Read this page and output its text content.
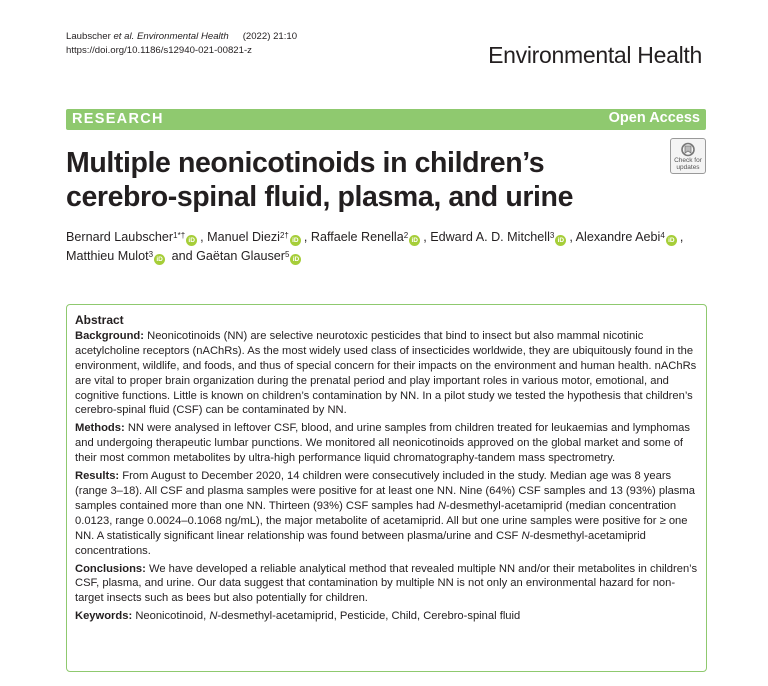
Laubscher et al. Environmental Health (2022) 21:10
https://doi.org/10.1186/s12940-021-00821-z	Environmental Health
RESEARCH	Open Access
Multiple neonicotinoids in children’s
cerebro-spinal fluid, plasma, and urine
Check for
updates
Bernard Laubscher$^{1*\dagger}$iD , Manuel Diezi$^{2\dagger}$iD , Raffaele Renella$^2$iD , Edward A. D. Mitchell$^3$iD , Alexandre Aebi$^4$iD ,
Matthieu Mulot$^3$iD and Gaëtan Glauser$^5$iD
Abstract

Background: Neonicotinoids (NN) are selective neurotoxic pesticides that bind to insect but also mammal nicotinic acetylcholine receptors (nAChRs). As the most widely used class of insecticides worldwide, they are ubiquitously found in the environment, wildlife, and foods, and thus of special concern for their impacts on the environment and human health. nAChRs are vital to proper brain organization during the prenatal period and play important roles in various motor, emotional, and cognitive functions. Little is known on children’s contamination by NN. In a pilot study we tested the hypothesis that children’s cerebro-spinal fluid (CSF) can be contaminated by NN.

Methods: NN were analysed in leftover CSF, blood, and urine samples from children treated for leukaemias and lymphomas and undergoing therapeutic lumbar punctions. We monitored all neonicotinoids approved on the global market and some of their most common metabolites by ultra-high performance liquid chromatography-tandem mass spectrometry.

Results: From August to December 2020, 14 children were consecutively included in the study. Median age was 8 years (range 3–18). All CSF and plasma samples were positive for at least one NN. Nine (64%) CSF samples and 13 (93%) plasma samples contained more than one NN. Thirteen (93%) CSF samples had N-desmethyl-acetamiprid (median concentration 0.0123, range 0.0024–0.1068 ng/mL), the major metabolite of acetamiprid. All but one urine samples were positive for ≥ one NN. A statistically significant linear relationship was found between plasma/urine and CSF N-desmethyl-acetamiprid concentrations.

Conclusions: We have developed a reliable analytical method that revealed multiple NN and/or their metabolites in children’s CSF, plasma, and urine. Our data suggest that contamination by multiple NN is not only an environmental hazard for non-target insects such as bees but also potentially for children.

Keywords: Neonicotinoid, N-desmethyl-acetamiprid, Pesticide, Child, Cerebro-spinal fluid
